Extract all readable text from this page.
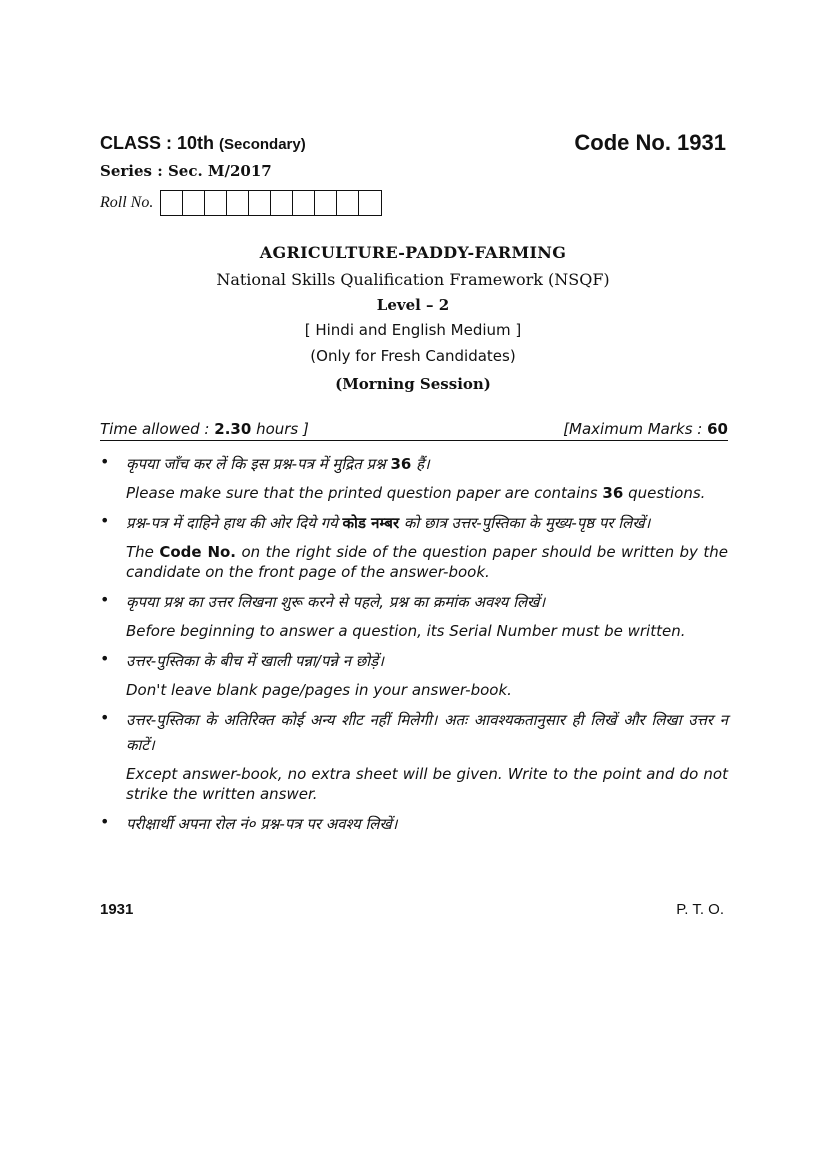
CLASS : 10th (Secondary)	Code No. 1931
Series : Sec. M/2017
Roll No.
AGRICULTURE-PADDY-FARMING
National Skills Qualification Framework (NSQF)
Level – 2
[ Hindi and English Medium ]
(Only for Fresh Candidates)
(Morning Session)
Time allowed : 2.30 hours ]	[Maximum Marks : 60
• कृपया जाँच कर लें कि इस प्रश्न-पत्र में मुद्रित प्रश्न 36 हैं।
Please make sure that the printed question paper are contains 36 questions.
• प्रश्न-पत्र में दाहिने हाथ की ओर दिये गये कोड नम्बर को छात्र उत्तर-पुस्तिका के मुख्य-पृष्ठ पर लिखें।
The Code No. on the right side of the question paper should be written by the candidate on the front page of the answer-book.
• कृपया प्रश्न का उत्तर लिखना शुरू करने से पहले, प्रश्न का क्रमांक अवश्य लिखें।
Before beginning to answer a question, its Serial Number must be written.
• उत्तर-पुस्तिका के बीच में खाली पन्ना/पन्ने न छोड़ें।
Don't leave blank page/pages in your answer-book.
• उत्तर-पुस्तिका के अतिरिक्त कोई अन्य शीट नहीं मिलेगी। अतः आवश्यकतानुसार ही लिखें और लिखा उत्तर न काटें।
Except answer-book, no extra sheet will be given. Write to the point and do not strike the written answer.
• परीक्षार्थी अपना रोल नं० प्रश्न-पत्र पर अवश्य लिखें।
1931	P. T. O.
